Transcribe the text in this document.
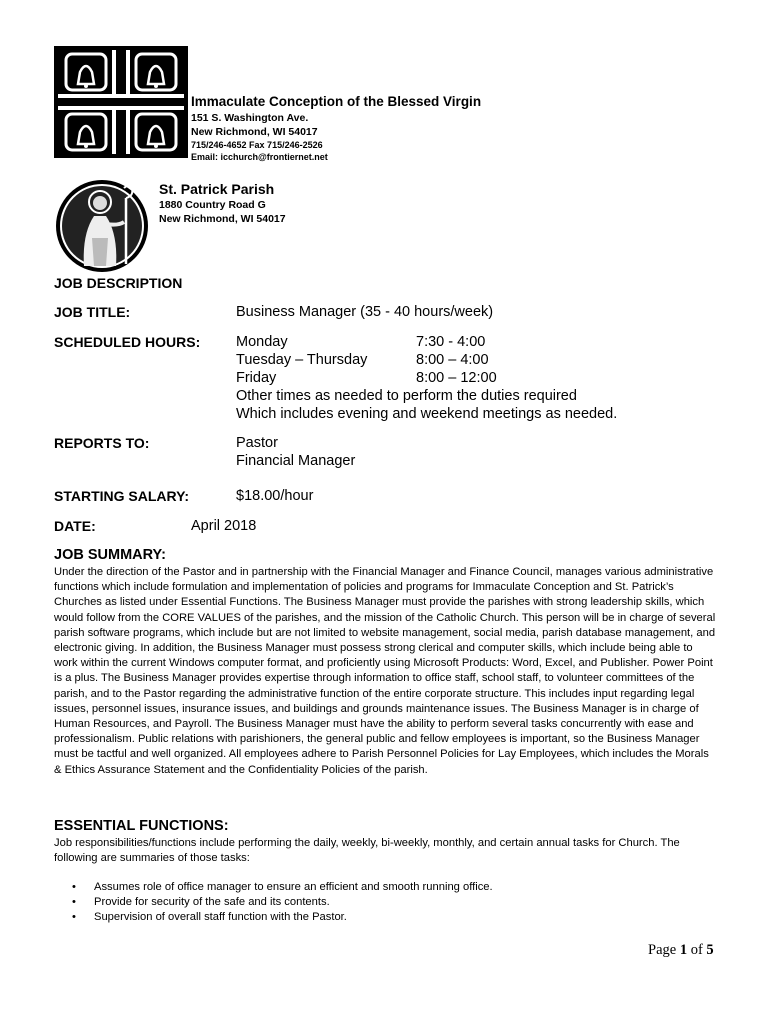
Immaculate Conception of the Blessed Virgin
151 S. Washington Ave.
New Richmond, WI 54017
715/246-4652 Fax 715/246-2526
Email: icchurch@frontiernet.net
St. Patrick Parish
1880 Country Road G
New Richmond, WI 54017
JOB DESCRIPTION
JOB TITLE:	Business Manager (35 - 40 hours/week)
SCHEDULED HOURS: Monday	7:30 - 4:00
Tuesday – Thursday	8:00 – 4:00
Friday	8:00 – 12:00
Other times as needed to perform the duties required
Which includes evening and weekend meetings as needed.
REPORTS TO:	Pastor
Financial Manager
STARTING SALARY:	$18.00/hour
DATE:	April 2018
JOB SUMMARY:
Under the direction of the Pastor and in partnership with the Financial Manager and Finance Council, manages various administrative functions which include formulation and implementation of policies and programs for Immaculate Conception and St. Patrick’s Churches as listed under Essential Functions. The Business Manager must provide the parishes with strong leadership skills, which would follow from the CORE VALUES of the parishes, and the mission of the Catholic Church. This person will be in charge of several parish software programs, which include but are not limited to website management, social media, parish database management, and electronic giving. In addition, the Business Manager must possess strong clerical and computer skills, which include being able to work within the current Windows computer format, and proficiently using Microsoft Products: Word, Excel, and Publisher. Power Point is a plus. The Business Manager provides expertise through information to office staff, school staff, to volunteer committees of the parish, and to the Pastor regarding the administrative function of the entire corporate structure. This includes input regarding legal issues, personnel issues, insurance issues, and buildings and grounds maintenance issues. The Business Manager is in charge of Human Resources, and Payroll. The Business Manager must have the ability to perform several tasks concurrently with ease and professionalism. Public relations with parishioners, the general public and fellow employees is important, so the Business Manager must be tactful and well organized. All employees adhere to Parish Personnel Policies for Lay Employees, which includes the Morals & Ethics Assurance Statement and the Confidentiality Policies of the parish.
ESSENTIAL FUNCTIONS:
Job responsibilities/functions include performing the daily, weekly, bi-weekly, monthly, and certain annual tasks for Church. The following are summaries of those tasks:
• Assumes role of office manager to ensure an efficient and smooth running office.
• Provide for security of the safe and its contents.
• Supervision of overall staff function with the Pastor.
Page 1 of 5
